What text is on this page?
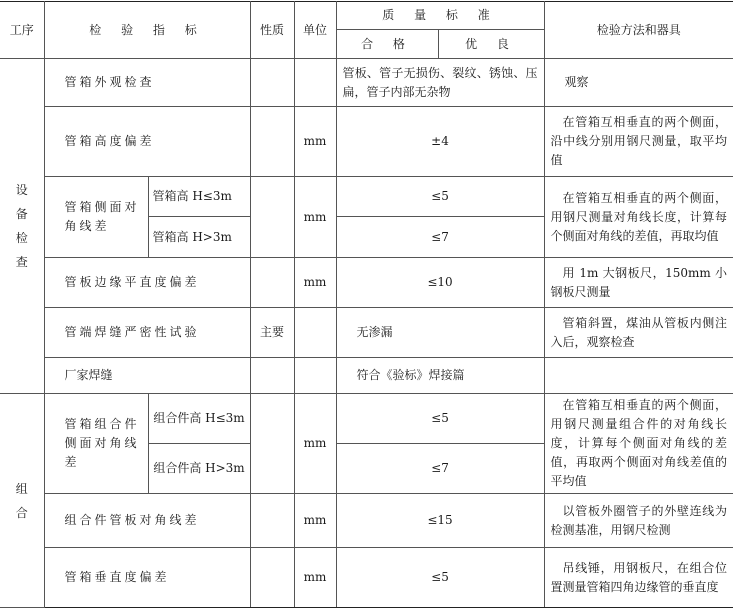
工序	检 验 指 标		性质	单位	质 量 标 准		检验方法和器具
					合 格	优 良	

设
备
检
查	管箱外观检查				管板、管子无损伤、裂纹、锈蚀、压扁，管子内部无杂物		观察
	管箱高度偏差			mm	±4		在管箱互相垂直的两个侧面，沿中线分别用钢尺测量，取平均值
	管箱侧面对角线差	管箱高 H≤3m		mm	≤5		在管箱互相垂直的两个侧面，用钢尺测量对角线长度，计算每个侧面对角线的差值，再取均值
		管箱高 H>3m			≤7		
	管板边缘平直度偏差			mm	≤10		用 1m 大钢板尺，150mm 小钢板尺测量
	管端焊缝严密性试验		主要		无渗漏		管箱斜置，煤油从管板内侧注入后，观察检查
	厂家焊缝				符合《验标》焊接篇		

组
合	管箱组合件侧面对角线差	组合件高 H≤3m		mm	≤5		在管箱互相垂直的两个侧面，用钢尺测量组合件的对角线长度，计算每个侧面对角线的差值，再取两个侧面对角线差值的平均值
		组合件高 H>3m			≤7		
	组合件管板对角线差			mm	≤15		以管板外圈管子的外壁连线为检测基准，用钢尺检测
	管箱垂直度偏差			mm	≤5		吊线锤，用钢板尺，在组合位置测量管箱四角边缘管的垂直度
